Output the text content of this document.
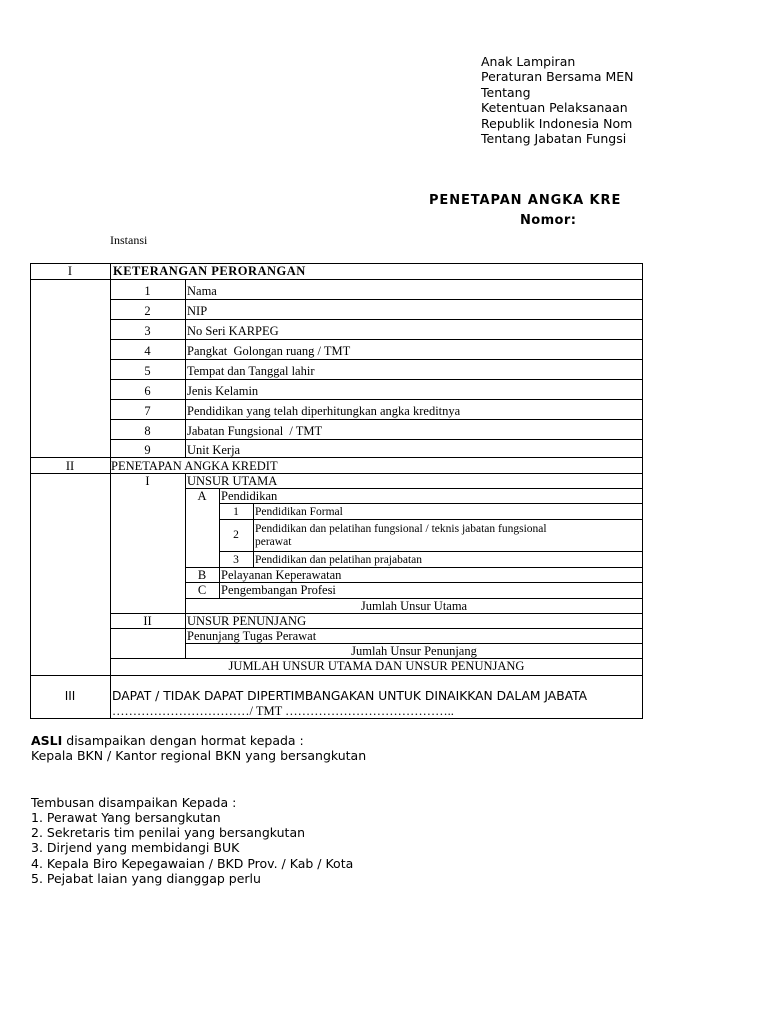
Anak Lampiran
Peraturan Bersama MEN
Tentang
Ketentuan Pelaksanaan
Republik Indonesia Nom
Tentang Jabatan Fungsi
PENETAPAN ANGKA KRE
Nomor:
Instansi
I	KETERANGAN PERORANGAN
1	Nama
2	NIP
3	No Seri KARPEG
4	Pangkat  Golongan ruang / TMT
5	Tempat dan Tanggal lahir
6	Jenis Kelamin
7	Pendidikan yang telah diperhitungkan angka kreditnya
8	Jabatan Fungsional  / TMT
9	Unit Kerja
II	PENETAPAN ANGKA KREDIT
I	UNSUR UTAMA
A	Pendidikan
1	Pendidikan Formal
2	Pendidikan dan pelatihan fungsional / teknis jabatan fungsional
perawat
3	Pendidikan dan pelatihan prajabatan
B	Pelayanan Keperawatan
C	Pengembangan Profesi
Jumlah Unsur Utama
II	UNSUR PENUNJANG
Penunjang Tugas Perawat
Jumlah Unsur Penunjang
JUMLAH UNSUR UTAMA DAN UNSUR PENUNJANG
III	DAPAT / TIDAK DAPAT DIPERTIMBANGAKAN UNTUK DINAIKKAN DALAM JABATA
……………………………/ TMT …………………………………..
ASLI disampaikan dengan hormat kepada :
Kepala BKN / Kantor regional BKN yang bersangkutan
Tembusan disampaikan Kepada :
1. Perawat Yang bersangkutan
2. Sekretaris tim penilai yang bersangkutan
3. Dirjend yang membidangi BUK
4. Kepala Biro Kepegawaian / BKD Prov. / Kab / Kota
5. Pejabat laian yang dianggap perlu
